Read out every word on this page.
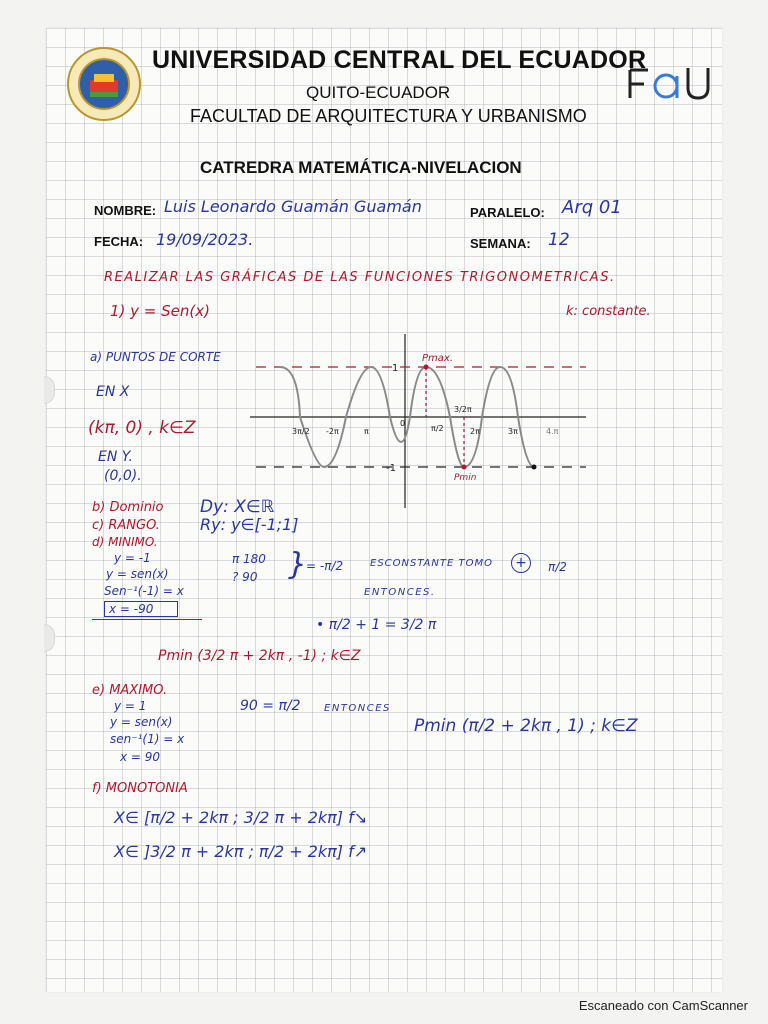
UNIVERSIDAD CENTRAL DEL ECUADOR
QUITO-ECUADOR
FACULTAD DE ARQUITECTURA Y URBANISMO
CATREDRA MATEMÁTICA-NIVELACION
NOMBRE: Luis Leonardo Guamán Guamán	PARALELO: Arq 01
FECHA: 19/09/2023.	SEMANA: 12
REALIZAR LAS GRÁFICAS DE LAS FUNCIONES TRIGONOMETRICAS.
1) y = Sen(x)	k: constante.
a) PUNTOS DE CORTE
EN X
(kπ, 0) , k∈Z
EN Y.
(0,0).
Pmax.
Pmin
1
-1
3π/2 -2π	π
0
π/2
3/2π
2π	3π	4.π
b) Dominio Dy: X∈ℝ
c) RANGO.	Ry: y∈[-1;1]
d) MINIMO.
y = -1
y = sen(x)
Sen⁻¹(-1) = x
x = -90
π 180
? 90 }
= -π/2	ESCONSTANTE TOMO +	π/2
ENTONCES.
• π/2 + 1 = 3/2 π
Pmin (3/2 π + 2kπ , -1) ; k∈Z
e) MAXIMO.
y = 1
y = sen(x)
sen⁻¹(1) = x
x = 90
90 = π/2 ENTONCES
Pmin (π/2 + 2kπ , 1) ; k∈Z
f) MONOTONIA
X∈ [π/2 + 2kπ ; 3/2 π + 2kπ] f↘
X∈ ]3/2 π + 2kπ ; π/2 + 2kπ] f↗
Escaneado con CamScanner
